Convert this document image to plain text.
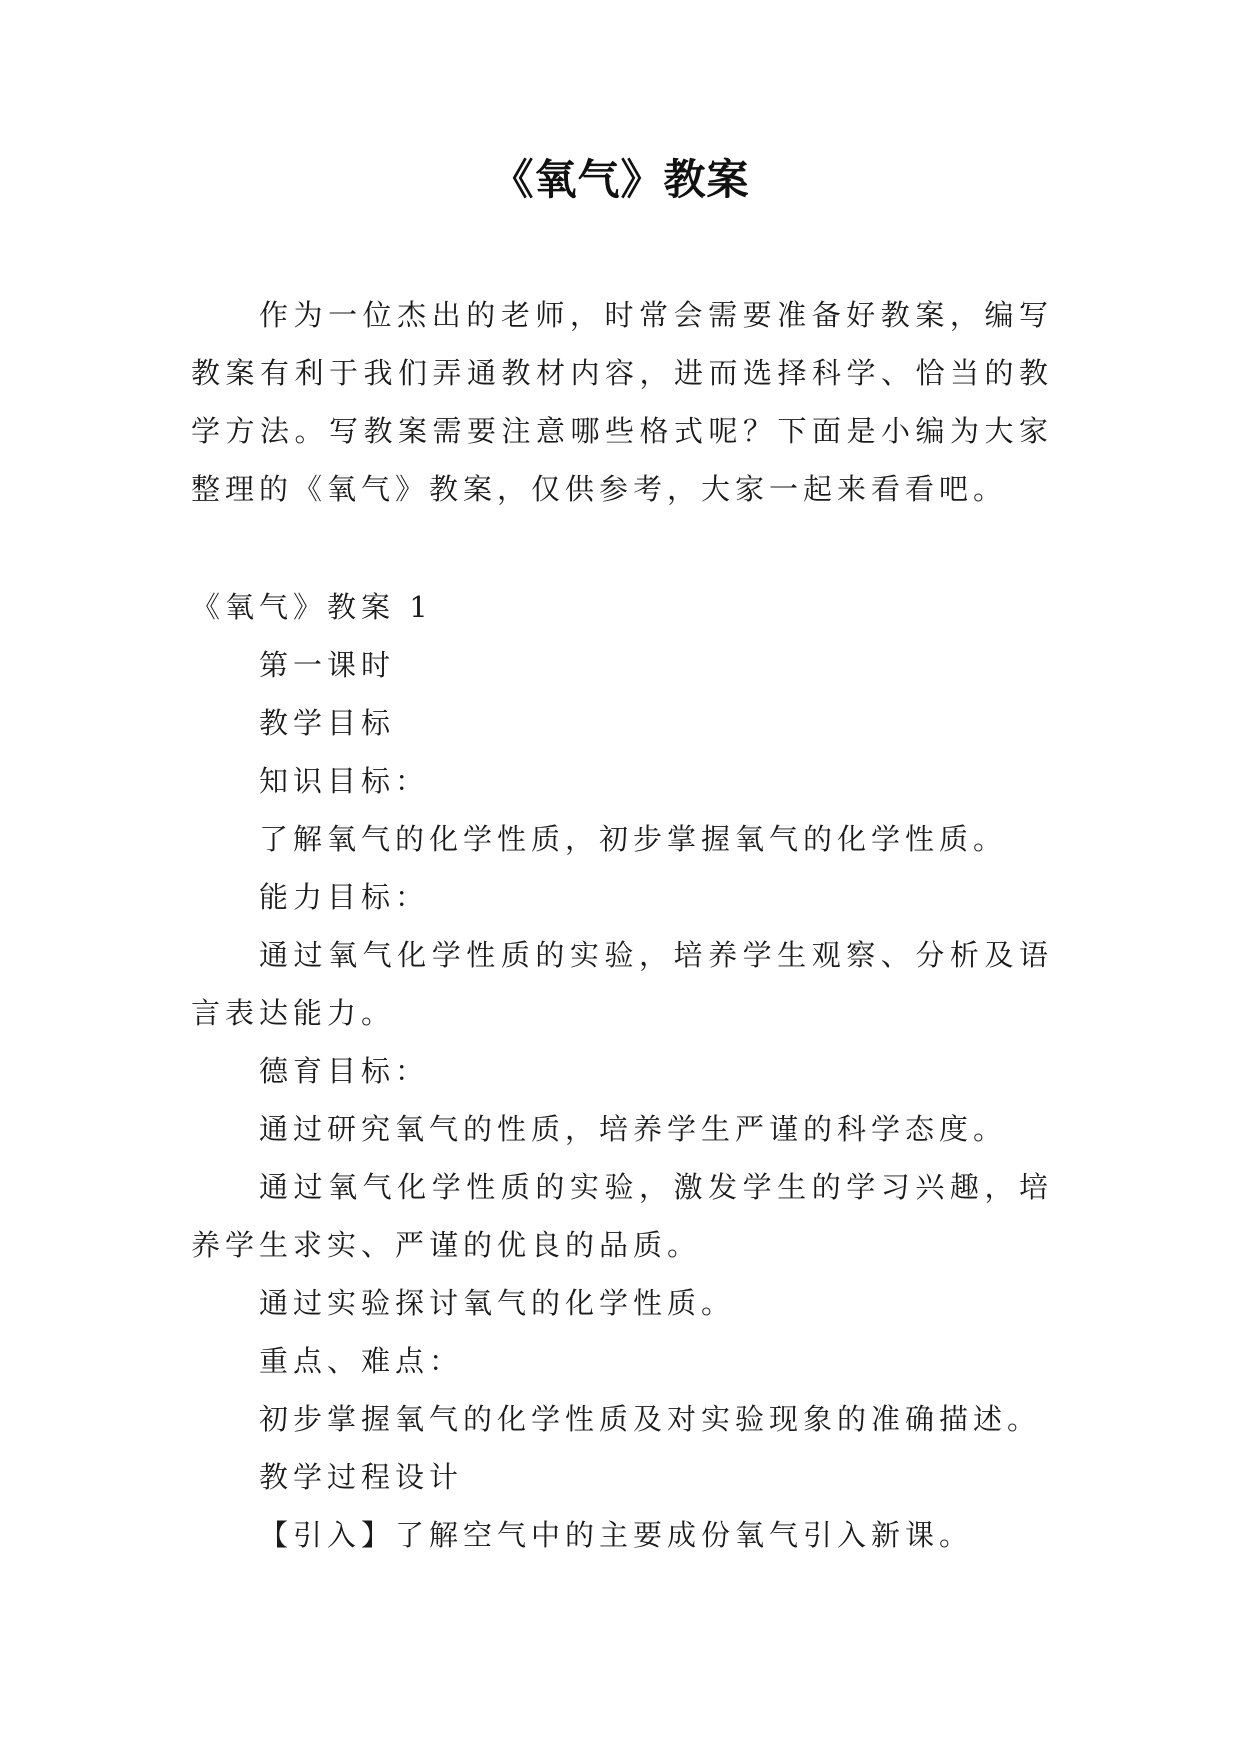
《氧气》教案

作为一位杰出的老师，时常会需要准备好教案，编写教案有利于我们弄通教材内容，进而选择科学、恰当的教学方法。写教案需要注意哪些格式呢？下面是小编为大家整理的《氧气》教案，仅供参考，大家一起来看看吧。

《氧气》教案 1

第一课时

教学目标

知识目标：

了解氧气的化学性质，初步掌握氧气的化学性质。

能力目标：

通过氧气化学性质的实验，培养学生观察、分析及语言表达能力。

德育目标：

通过研究氧气的性质，培养学生严谨的科学态度。

通过氧气化学性质的实验，激发学生的学习兴趣，培养学生求实、严谨的优良的品质。

通过实验探讨氧气的化学性质。

重点、难点：

初步掌握氧气的化学性质及对实验现象的准确描述。

教学过程设计

【引入】了解空气中的主要成份氧气引入新课。
